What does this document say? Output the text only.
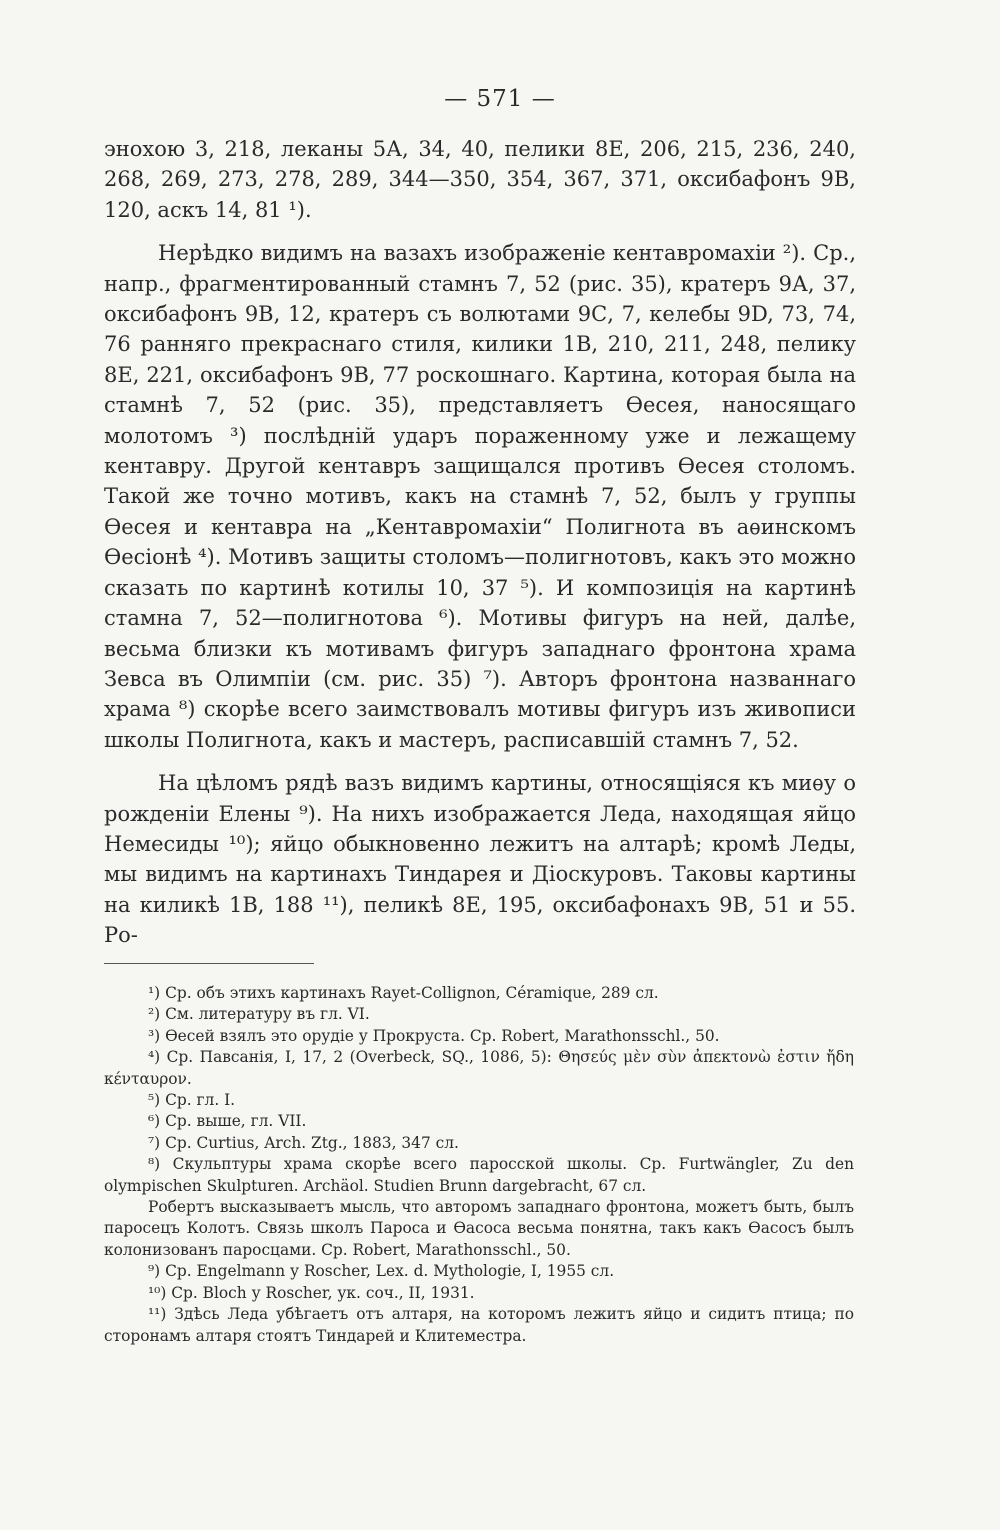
— 571 —

энохою 3, 218, леканы 5А, 34, 40, пелики 8Е, 206, 215, 236, 240, 268, 269, 273, 278, 289, 344—350, 354, 367, 371, оксибафонъ 9В, 120, аскъ 14, 81 ¹).

Нерѣдко видимъ на вазахъ изображеніе кентавромахіи ²). Ср., напр., фрагментированный стамнъ 7, 52 (рис. 35), кратеръ 9А, 37, оксибафонъ 9В, 12, кратеръ съ волютами 9С, 7, келебы 9D, 73, 74, 76 ранняго прекраснаго стиля, килики 1В, 210, 211, 248, пелику 8Е, 221, оксибафонъ 9В, 77 роскошнаго. Картина, которая была на стамнѣ 7, 52 (рис. 35), представляетъ Ѳесея, наносящаго молотомъ ³) послѣдній ударъ пораженному уже и лежащему кентавру. Другой кентавръ защищался противъ Ѳесея столомъ. Такой же точно мотивъ, какъ на стамнѣ 7, 52, былъ у группы Ѳесея и кентавра на „Кентавромахіи“ Полигнота въ аѳинскомъ Ѳесіонѣ ⁴). Мотивъ защиты столомъ—полигнотовъ, какъ это можно сказать по картинѣ котилы 10, 37 ⁵). И композиція на картинѣ стамна 7, 52—полигнотова ⁶). Мотивы фигуръ на ней, далѣе, весьма близки къ мотивамъ фигуръ западнаго фронтона храма Зевса въ Олимпіи (см. рис. 35) ⁷). Авторъ фронтона названнаго храма ⁸) скорѣе всего заимствовалъ мотивы фигуръ изъ живописи школы Полигнота, какъ и мастеръ, расписавшій стамнъ 7, 52.

На цѣломъ рядѣ вазъ видимъ картины, относящіяся къ миѳу о рожденіи Елены ⁹). На нихъ изображается Леда, находящая яйцо Немесиды ¹⁰); яйцо обыкновенно лежитъ на алтарѣ; кромѣ Леды, мы видимъ на картинахъ Тиндарея и Діоскуровъ. Таковы картины на киликѣ 1В, 188 ¹¹), пеликѣ 8Е, 195, оксибафонахъ 9В, 51 и 55. Ро-

¹) Ср. объ этихъ картинахъ Rayet-Collignon, Céramique, 289 сл.

²) См. литературу въ гл. VI.

³) Ѳесей взялъ это орудіе у Прокруста. Ср. Robert, Marathonsschl., 50.

⁴) Ср. Павсанія, I, 17, 2 (Overbeck, SQ., 1086, 5): Θησεύς μὲν σὺν ἀπεκτονὼ ἐστιν ἤδη κένταυρον.

⁵) Ср. гл. I.

⁶) Ср. выше, гл. VII.

⁷) Ср. Curtius, Arch. Ztg., 1883, 347 сл.

⁸) Скульптуры храма скорѣе всего паросской школы. Ср. Furtwängler, Zu den olympischen Skulpturen. Archäol. Studien Brunn dargebracht, 67 сл.

Робертъ высказываетъ мысль, что авторомъ западнаго фронтона, можетъ быть, былъ паросецъ Колотъ. Связь школъ Пароса и Ѳасоса весьма понятна, такъ какъ Ѳасосъ былъ колонизованъ паросцами. Ср. Robert, Marathonsschl., 50.

⁹) Ср. Engelmann у Roscher, Lex. d. Mythologie, I, 1955 сл.

¹⁰) Ср. Bloch у Roscher, ук. соч., II, 1931.

¹¹) Здѣсь Леда убѣгаетъ отъ алтаря, на которомъ лежитъ яйцо и сидитъ птица; по сторонамъ алтаря стоятъ Тиндарей и Клитеместра.
